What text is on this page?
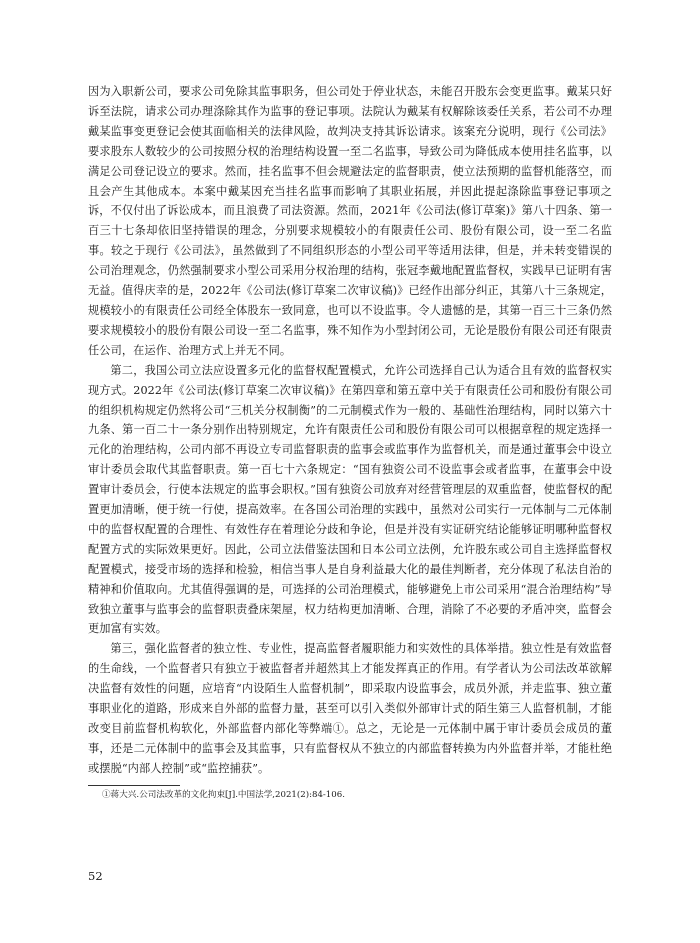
因为入职新公司，要求公司免除其监事职务，但公司处于停业状态，未能召开股东会变更监事。戴某只好诉至法院，请求公司办理涤除其作为监事的登记事项。法院认为戴某有权解除该委任关系，若公司不办理戴某监事变更登记会使其面临相关的法律风险，故判决支持其诉讼请求。该案充分说明，现行《公司法》要求股东人数较少的公司按照分权的治理结构设置一至二名监事，导致公司为降低成本使用挂名监事，以满足公司登记设立的要求。然而，挂名监事不但会规避法定的监督职责，使立法预期的监督机能落空，而且会产生其他成本。本案中戴某因充当挂名监事而影响了其职业拓展，并因此提起涤除监事登记事项之诉，不仅付出了诉讼成本，而且浪费了司法资源。然而，2021年《公司法(修订草案)》第八十四条、第一百三十七条却依旧坚持错误的理念，分别要求规模较小的有限责任公司、股份有限公司，设一至二名监事。较之于现行《公司法》，虽然做到了不同组织形态的小型公司平等适用法律，但是，并未转变错误的公司治理观念，仍然强制要求小型公司采用分权治理的结构，张冠李戴地配置监督权，实践早已证明有害无益。值得庆幸的是，2022年《公司法(修订草案二次审议稿)》已经作出部分纠正，其第八十三条规定，规模较小的有限责任公司经全体股东一致同意，也可以不设监事。令人遗憾的是，其第一百三十三条仍然要求规模较小的股份有限公司设一至二名监事，殊不知作为小型封闭公司，无论是股份有限公司还有限责任公司，在运作、治理方式上并无不同。

第二，我国公司立法应设置多元化的监督权配置模式，允许公司选择自己认为适合且有效的监督权实现方式。2022年《公司法(修订草案二次审议稿)》在第四章和第五章中关于有限责任公司和股份有限公司的组织机构规定仍然将公司“三机关分权制衡”的二元制模式作为一般的、基础性治理结构，同时以第六十九条、第一百二十一条分别作出特别规定，允许有限责任公司和股份有限公司可以根据章程的规定选择一元化的治理结构，公司内部不再设立专司监督职责的监事会或监事作为监督机关，而是通过董事会中设立审计委员会取代其监督职责。第一百七十六条规定：“国有独资公司不设监事会或者监事，在董事会中设置审计委员会，行使本法规定的监事会职权。”国有独资公司放弃对经营管理层的双重监督，使监督权的配置更加清晰，便于统一行使，提高效率。在各国公司治理的实践中，虽然对公司实行一元体制与二元体制中的监督权配置的合理性、有效性存在着理论分歧和争论，但是并没有实证研究结论能够证明哪种监督权配置方式的实际效果更好。因此，公司立法借鉴法国和日本公司立法例，允许股东或公司自主选择监督权配置模式，接受市场的选择和检验，相信当事人是自身利益最大化的最佳判断者，充分体现了私法自治的精神和价值取向。尤其值得强调的是，可选择的公司治理模式，能够避免上市公司采用“混合治理结构”导致独立董事与监事会的监督职责叠床架屋，权力结构更加清晰、合理，消除了不必要的矛盾冲突，监督会更加富有实效。

第三，强化监督者的独立性、专业性，提高监督者履职能力和实效性的具体举措。独立性是有效监督的生命线，一个监督者只有独立于被监督者并超然其上才能发挥真正的作用。有学者认为公司法改革欲解决监督有效性的问题，应培育“内设陌生人监督机制”，即采取内设监事会，成员外派，并走监事、独立董事职业化的道路，形成来自外部的监督力量，甚至可以引入类似外部审计式的陌生第三人监督机制，才能改变目前监督机构软化，外部监督内部化等弊端①。总之，无论是一元体制中属于审计委员会成员的董事，还是二元体制中的监事会及其监事，只有监督权从不独立的内部监督转换为内外监督并举，才能杜绝或摆脱“内部人控制”或“监控捕获”。

①蒋大兴.公司法改革的文化拘束[J].中国法学,2021(2):84-106.

52
